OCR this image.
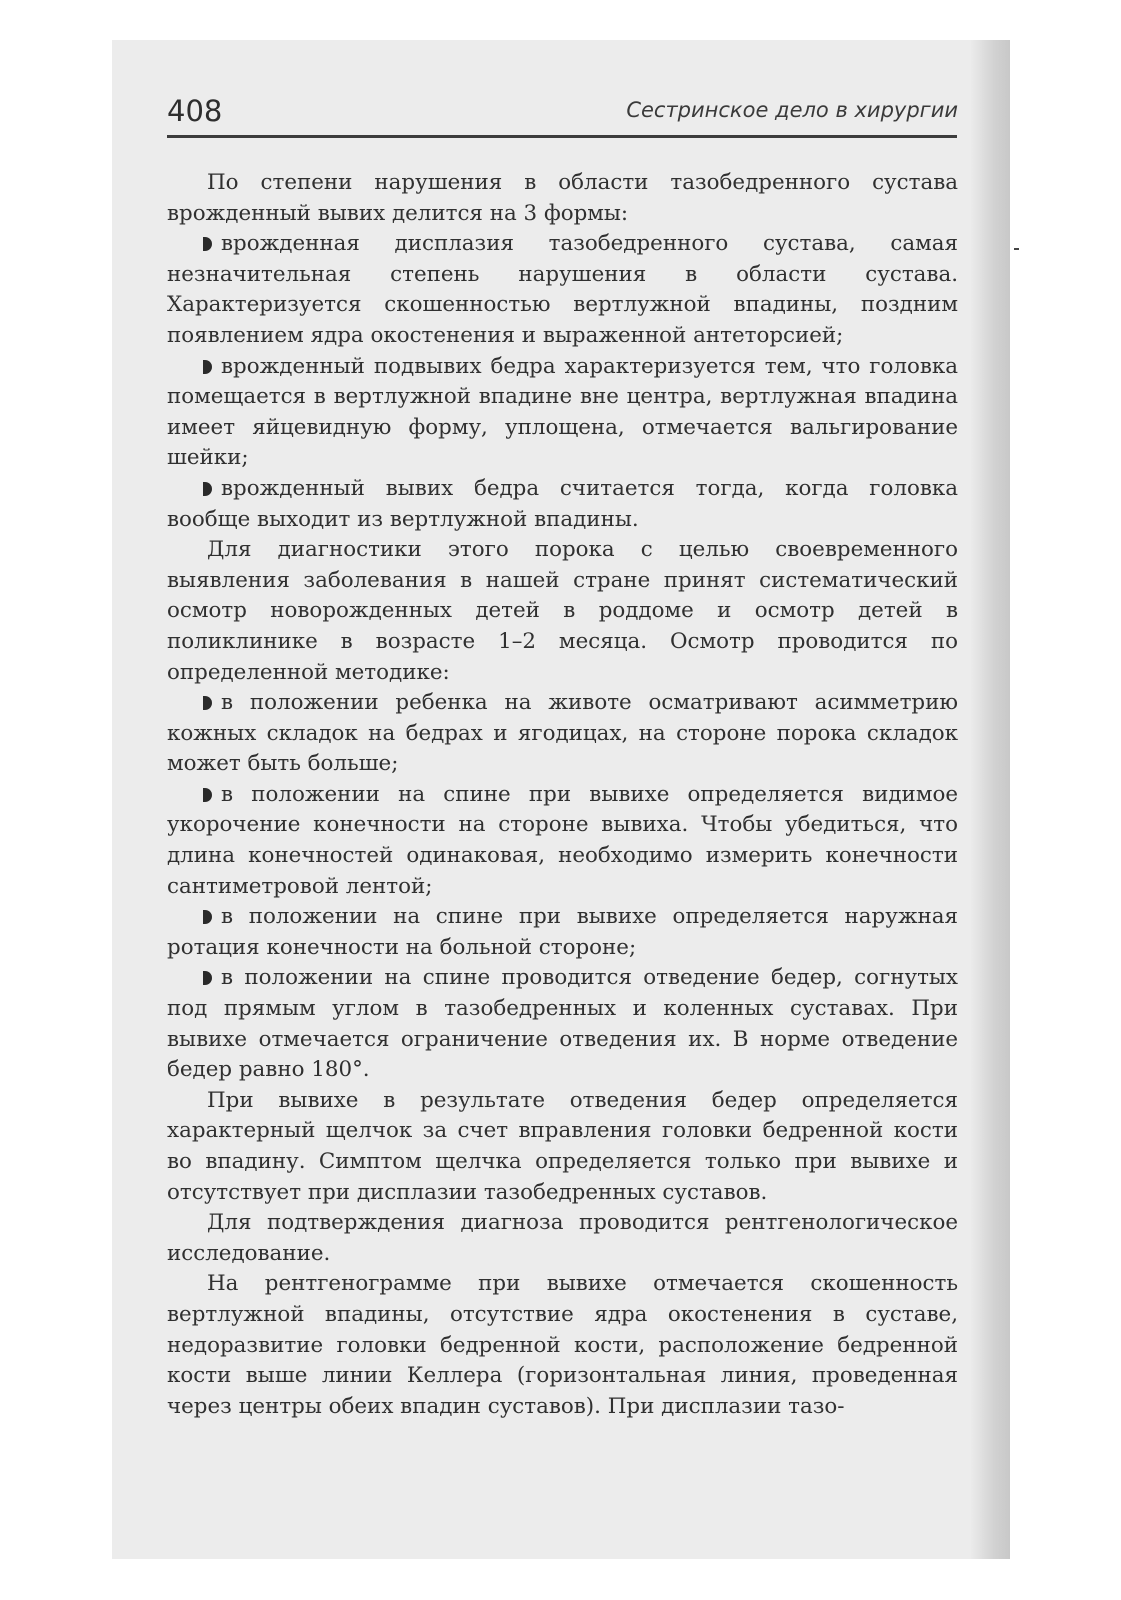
408	Сестринское дело в хирургии

По степени нарушения в области тазобедренного сустава врожденный вывих делится на 3 формы:

врожденная дисплазия тазобедренного сустава, самая незначительная степень нарушения в области сустава. Характеризуется скошенностью вертлужной впадины, поздним появлением ядра окостенения и выраженной антеторсией;

врожденный подвывих бедра характеризуется тем, что головка помещается в вертлужной впадине вне центра, вертлужная впадина имеет яйцевидную форму, уплощена, отмечается вальгирование шейки;

врожденный вывих бедра считается тогда, когда головка вообще выходит из вертлужной впадины.

Для диагностики этого порока с целью своевременного выявления заболевания в нашей стране принят систематический осмотр новорожденных детей в роддоме и осмотр детей в поликлинике в возрасте 1–2 месяца. Осмотр проводится по определенной методике:

в положении ребенка на животе осматривают асимметрию кожных складок на бедрах и ягодицах, на стороне порока складок может быть больше;

в положении на спине при вывихе определяется видимое укорочение конечности на стороне вывиха. Чтобы убедиться, что длина конечностей одинаковая, необходимо измерить конечности сантиметровой лентой;

в положении на спине при вывихе определяется наружная ротация конечности на больной стороне;

в положении на спине проводится отведение бедер, согнутых под прямым углом в тазобедренных и коленных суставах. При вывихе отмечается ограничение отведения их. В норме отведение бедер равно 180°.

При вывихе в результате отведения бедер определяется характерный щелчок за счет вправления головки бедренной кости во впадину. Симптом щелчка определяется только при вывихе и отсутствует при дисплазии тазобедренных суставов.

Для подтверждения диагноза проводится рентгенологическое исследование.

На рентгенограмме при вывихе отмечается скошенность вертлужной впадины, отсутствие ядра окостенения в суставе, недоразвитие головки бедренной кости, расположение бедренной кости выше линии Келлера (горизонтальная линия, проведенная через центры обеих впадин суставов). При дисплазии тазо-
